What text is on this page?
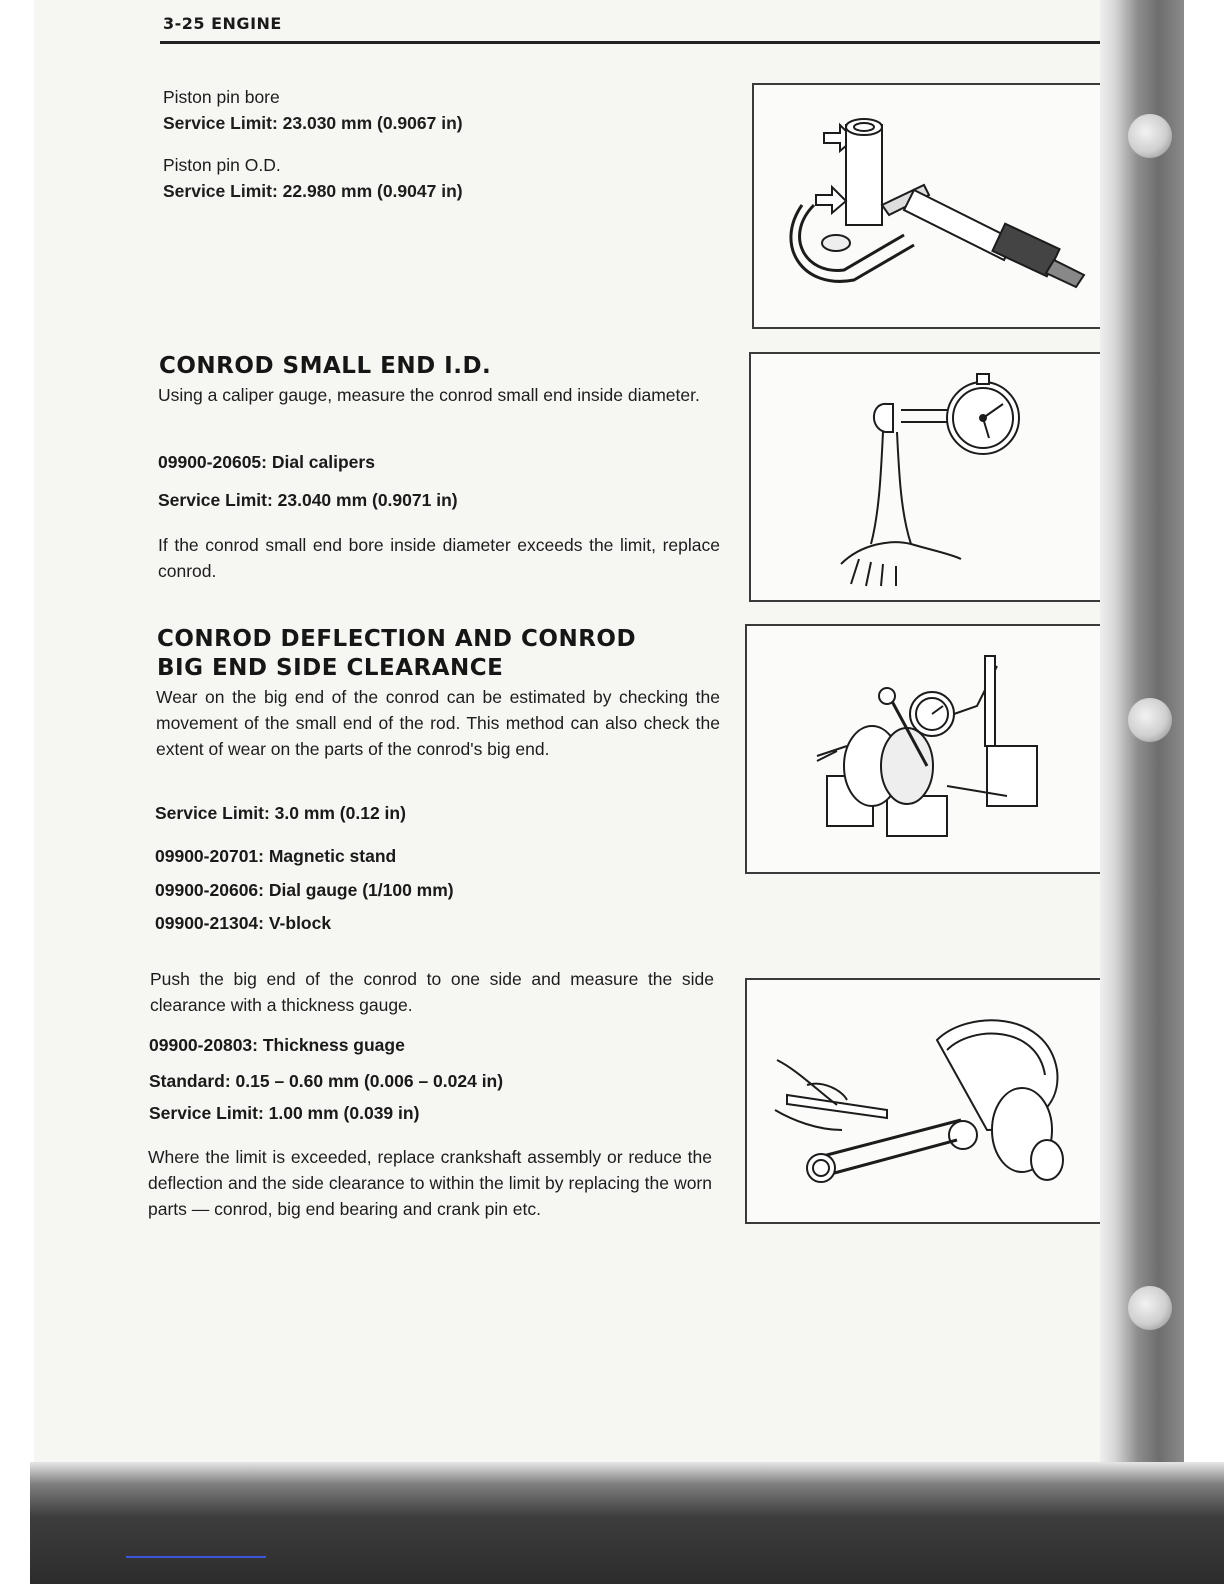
3-25 ENGINE

Piston pin bore

Service Limit: 23.030 mm (0.9067 in)

Piston pin O.D.

Service Limit: 22.980 mm (0.9047 in)

CONROD SMALL END I.D.
Using a caliper gauge, measure the conrod small end inside diameter.
09900-20605: Dial calipers
Service Limit: 23.040 mm (0.9071 in)
If the conrod small end bore inside diameter exceeds the limit, replace conrod.
CONROD DEFLECTION AND CONROD
BIG END SIDE CLEARANCE
Wear on the big end of the conrod can be estimated by checking the movement of the small end of the rod. This method can also check the extent of wear on the parts of the conrod's big end.
Service Limit: 3.0 mm (0.12 in)
09900-20701: Magnetic stand
09900-20606: Dial gauge (1/100 mm)
09900-21304: V-block
Push the big end of the conrod to one side and measure the side clearance with a thickness gauge.
09900-20803: Thickness guage
Standard: 0.15 – 0.60 mm (0.006 – 0.024 in)
Service Limit: 1.00 mm (0.039 in)
Where the limit is exceeded, replace crankshaft assembly or reduce the deflection and the side clearance to within the limit by replacing the worn parts — conrod, big end bearing and crank pin etc.
